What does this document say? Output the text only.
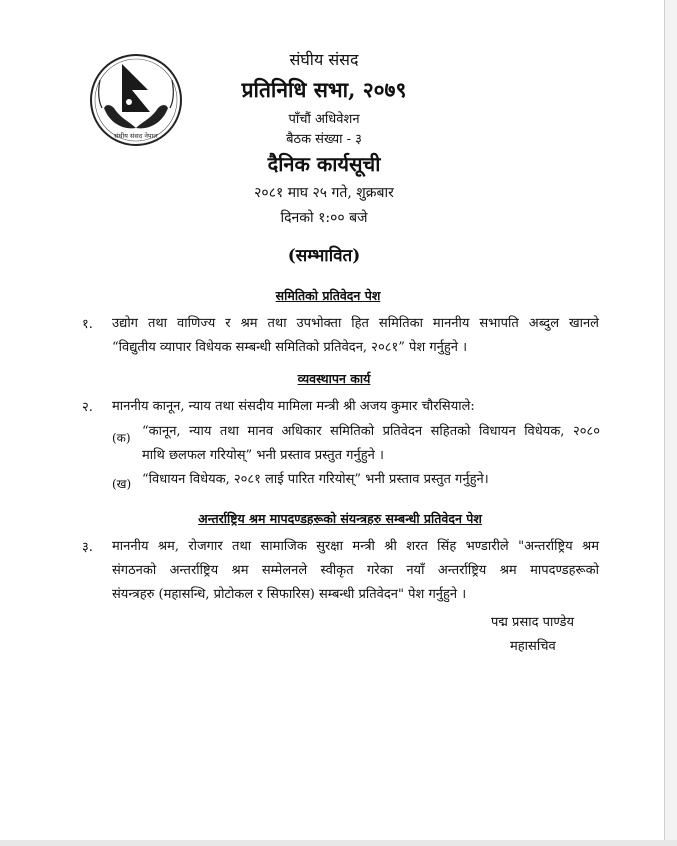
संघीय संसद नेपाल
संघीय संसद
प्रतिनिधि सभा, २०७९
पाँचौं अधिवेशन
बैठक संख्या - ३
दैनिक कार्यसूची
२०८१ माघ २५ गते, शुक्रबार
दिनको १:०० बजे
(सम्भावित)
समितिको प्रतिवेदन पेश
१. उद्योग तथा वाणिज्य र श्रम तथा उपभोक्ता हित समितिका माननीय सभापति अब्दुल खानले
“विद्युतीय व्यापार विधेयक सम्बन्धी समितिको प्रतिवेदन, २०८१” पेश गर्नुहुने ।
व्यवस्थापन कार्य
२. माननीय कानून, न्याय तथा संसदीय मामिला मन्त्री श्री अजय कुमार चौरसियाले:
(क) “कानून, न्याय तथा मानव अधिकार समितिको प्रतिवेदन सहितको विधायन विधेयक, २०८०
माथि छलफल गरियोस्” भनी प्रस्ताव प्रस्तुत गर्नुहुने ।
(ख) “विधायन विधेयक, २०८१ लाई पारित गरियोस्” भनी प्रस्ताव प्रस्तुत गर्नुहुने।
अन्तर्राष्ट्रिय श्रम मापदण्डहरूको संयन्त्रहरु सम्बन्धी प्रतिवेदन पेश
३. माननीय श्रम, रोजगार तथा सामाजिक सुरक्षा मन्त्री श्री शरत सिंह भण्डारीले "अन्तर्राष्ट्रिय श्रम
संगठनको अन्तर्राष्ट्रिय श्रम सम्मेलनले स्वीकृत गरेका नयाँ अन्तर्राष्ट्रिय श्रम मापदण्डहरूको
संयन्त्रहरु (महासन्धि, प्रोटोकल र सिफारिस) सम्बन्धी प्रतिवेदन" पेश गर्नुहुने ।
पद्म प्रसाद पाण्डेय
महासचिव
